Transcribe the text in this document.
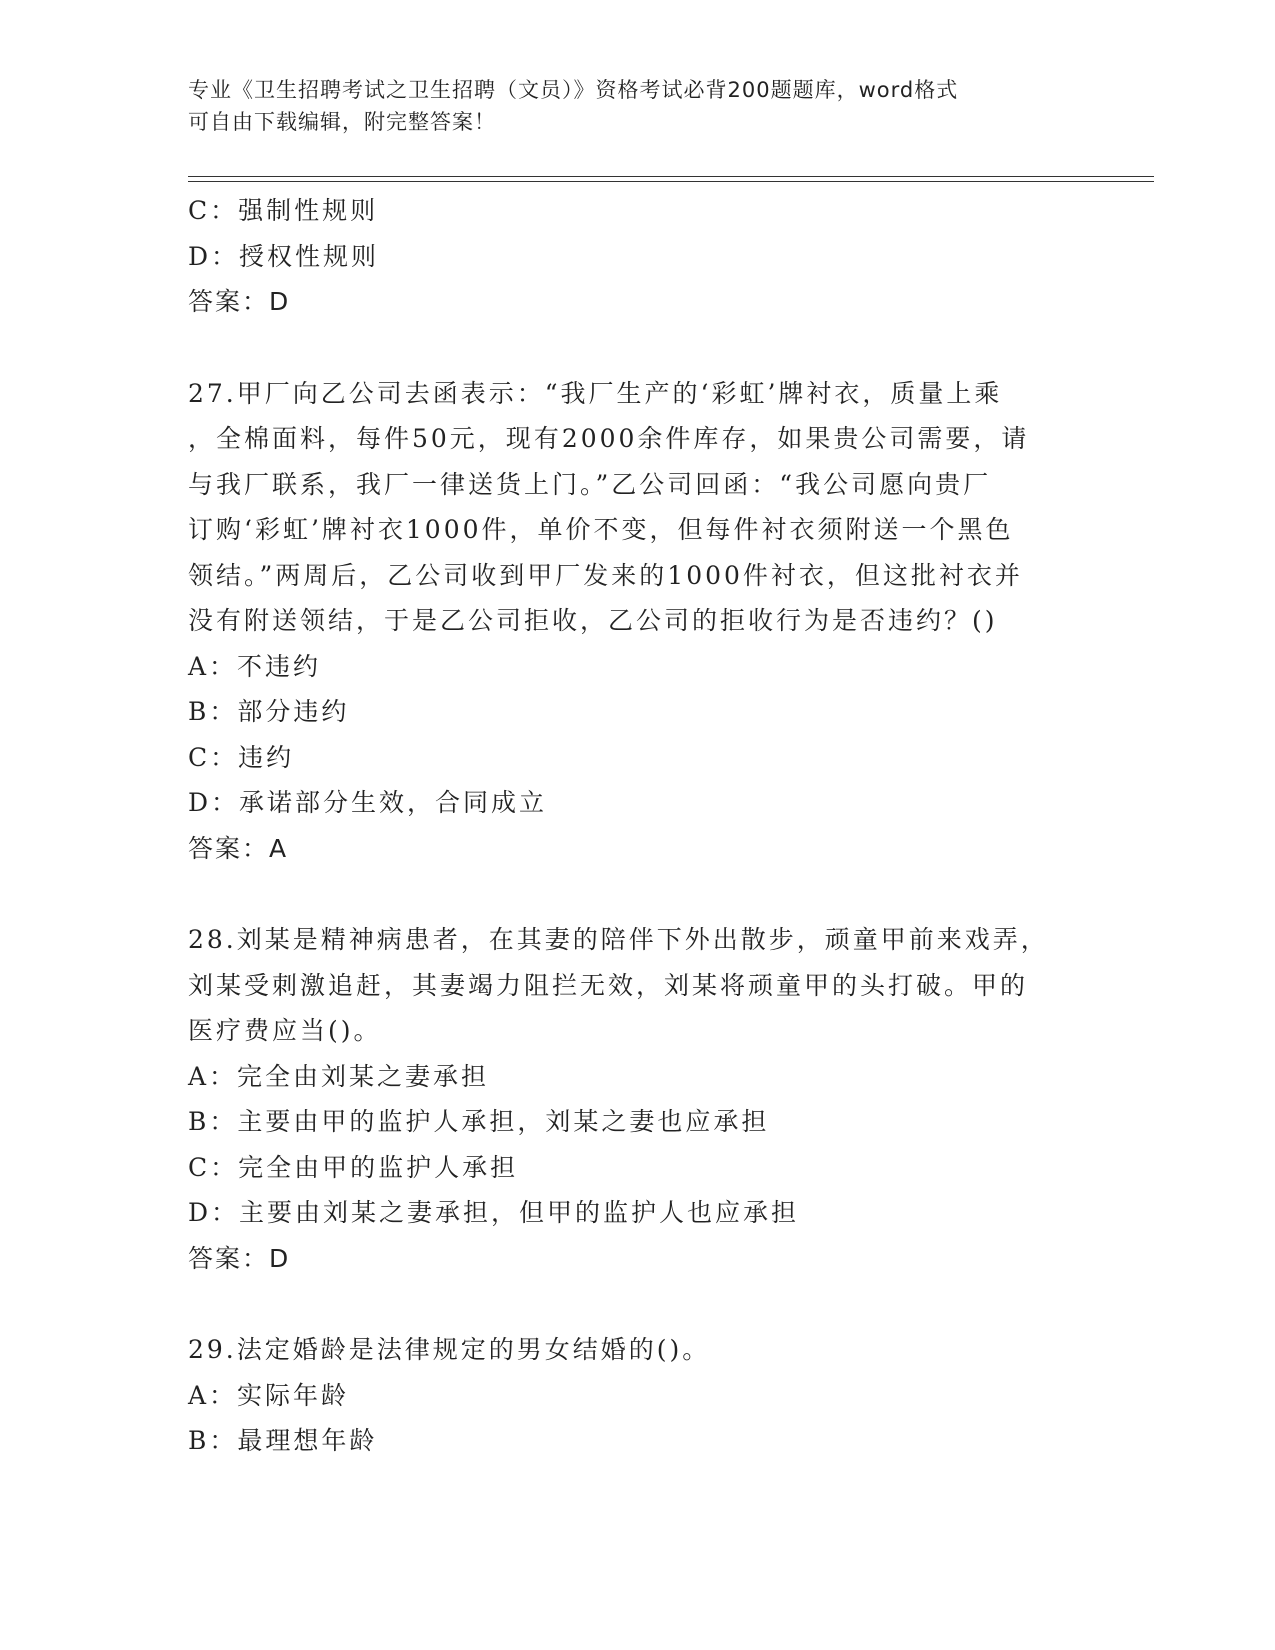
专业《卫生招聘考试之卫生招聘（文员）》资格考试必背200题题库，word格式
可自由下载编辑，附完整答案！
C：强制性规则
D：授权性规则
答案：D
27.甲厂向乙公司去函表示：“我厂生产的‘彩虹’牌衬衣，质量上乘
，全棉面料，每件50元，现有2000余件库存，如果贵公司需要，请
与我厂联系，我厂一律送货上门。”乙公司回函：“我公司愿向贵厂
订购‘彩虹’牌衬衣1000件，单价不变，但每件衬衣须附送一个黑色
领结。”两周后，乙公司收到甲厂发来的1000件衬衣，但这批衬衣并
没有附送领结，于是乙公司拒收，乙公司的拒收行为是否违约？()
A：不违约
B：部分违约
C：违约
D：承诺部分生效，合同成立
答案：A
28.刘某是精神病患者，在其妻的陪伴下外出散步，顽童甲前来戏弄，
刘某受刺激追赶，其妻竭力阻拦无效，刘某将顽童甲的头打破。甲的
医疗费应当()。
A：完全由刘某之妻承担
B：主要由甲的监护人承担，刘某之妻也应承担
C：完全由甲的监护人承担
D：主要由刘某之妻承担，但甲的监护人也应承担
答案：D
29.法定婚龄是法律规定的男女结婚的()。
A：实际年龄
B：最理想年龄
